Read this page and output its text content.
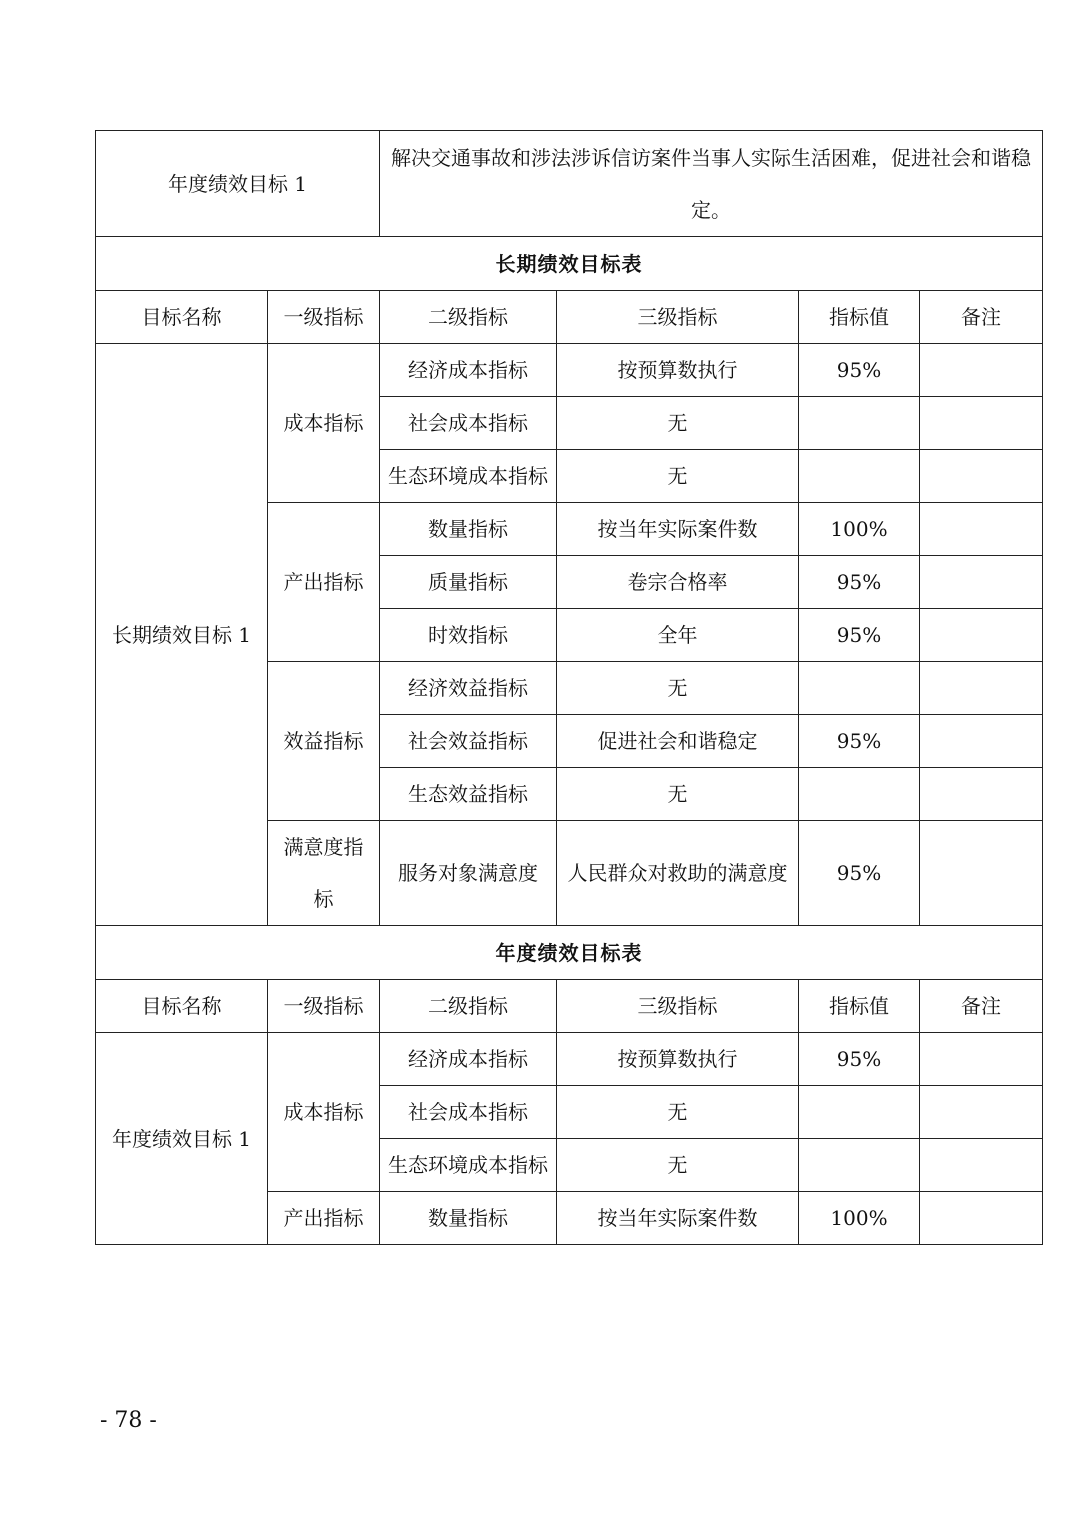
年度绩效目标 1		解决交通事故和涉法涉诉信访案件当事人实际生活困难，促进社会和谐稳定。			
长期绩效目标表					
目标名称	一级指标	二级指标	三级指标	指标值	备注
长期绩效目标 1	成本指标	经济成本指标	按预算数执行	95%	
		社会成本指标	无		
		生态环境成本指标	无		
	产出指标	数量指标	按当年实际案件数	100%	
		质量指标	卷宗合格率	95%	
		时效指标	全年	95%	
	效益指标	经济效益指标	无		
		社会效益指标	促进社会和谐稳定	95%	
		生态效益指标	无		
	满意度指标	服务对象满意度	人民群众对救助的满意度	95%	
年度绩效目标表					
目标名称	一级指标	二级指标	三级指标	指标值	备注
年度绩效目标 1	成本指标	经济成本指标	按预算数执行	95%	
		社会成本指标	无		
		生态环境成本指标	无		
	产出指标	数量指标	按当年实际案件数	100%	
- 78 -
